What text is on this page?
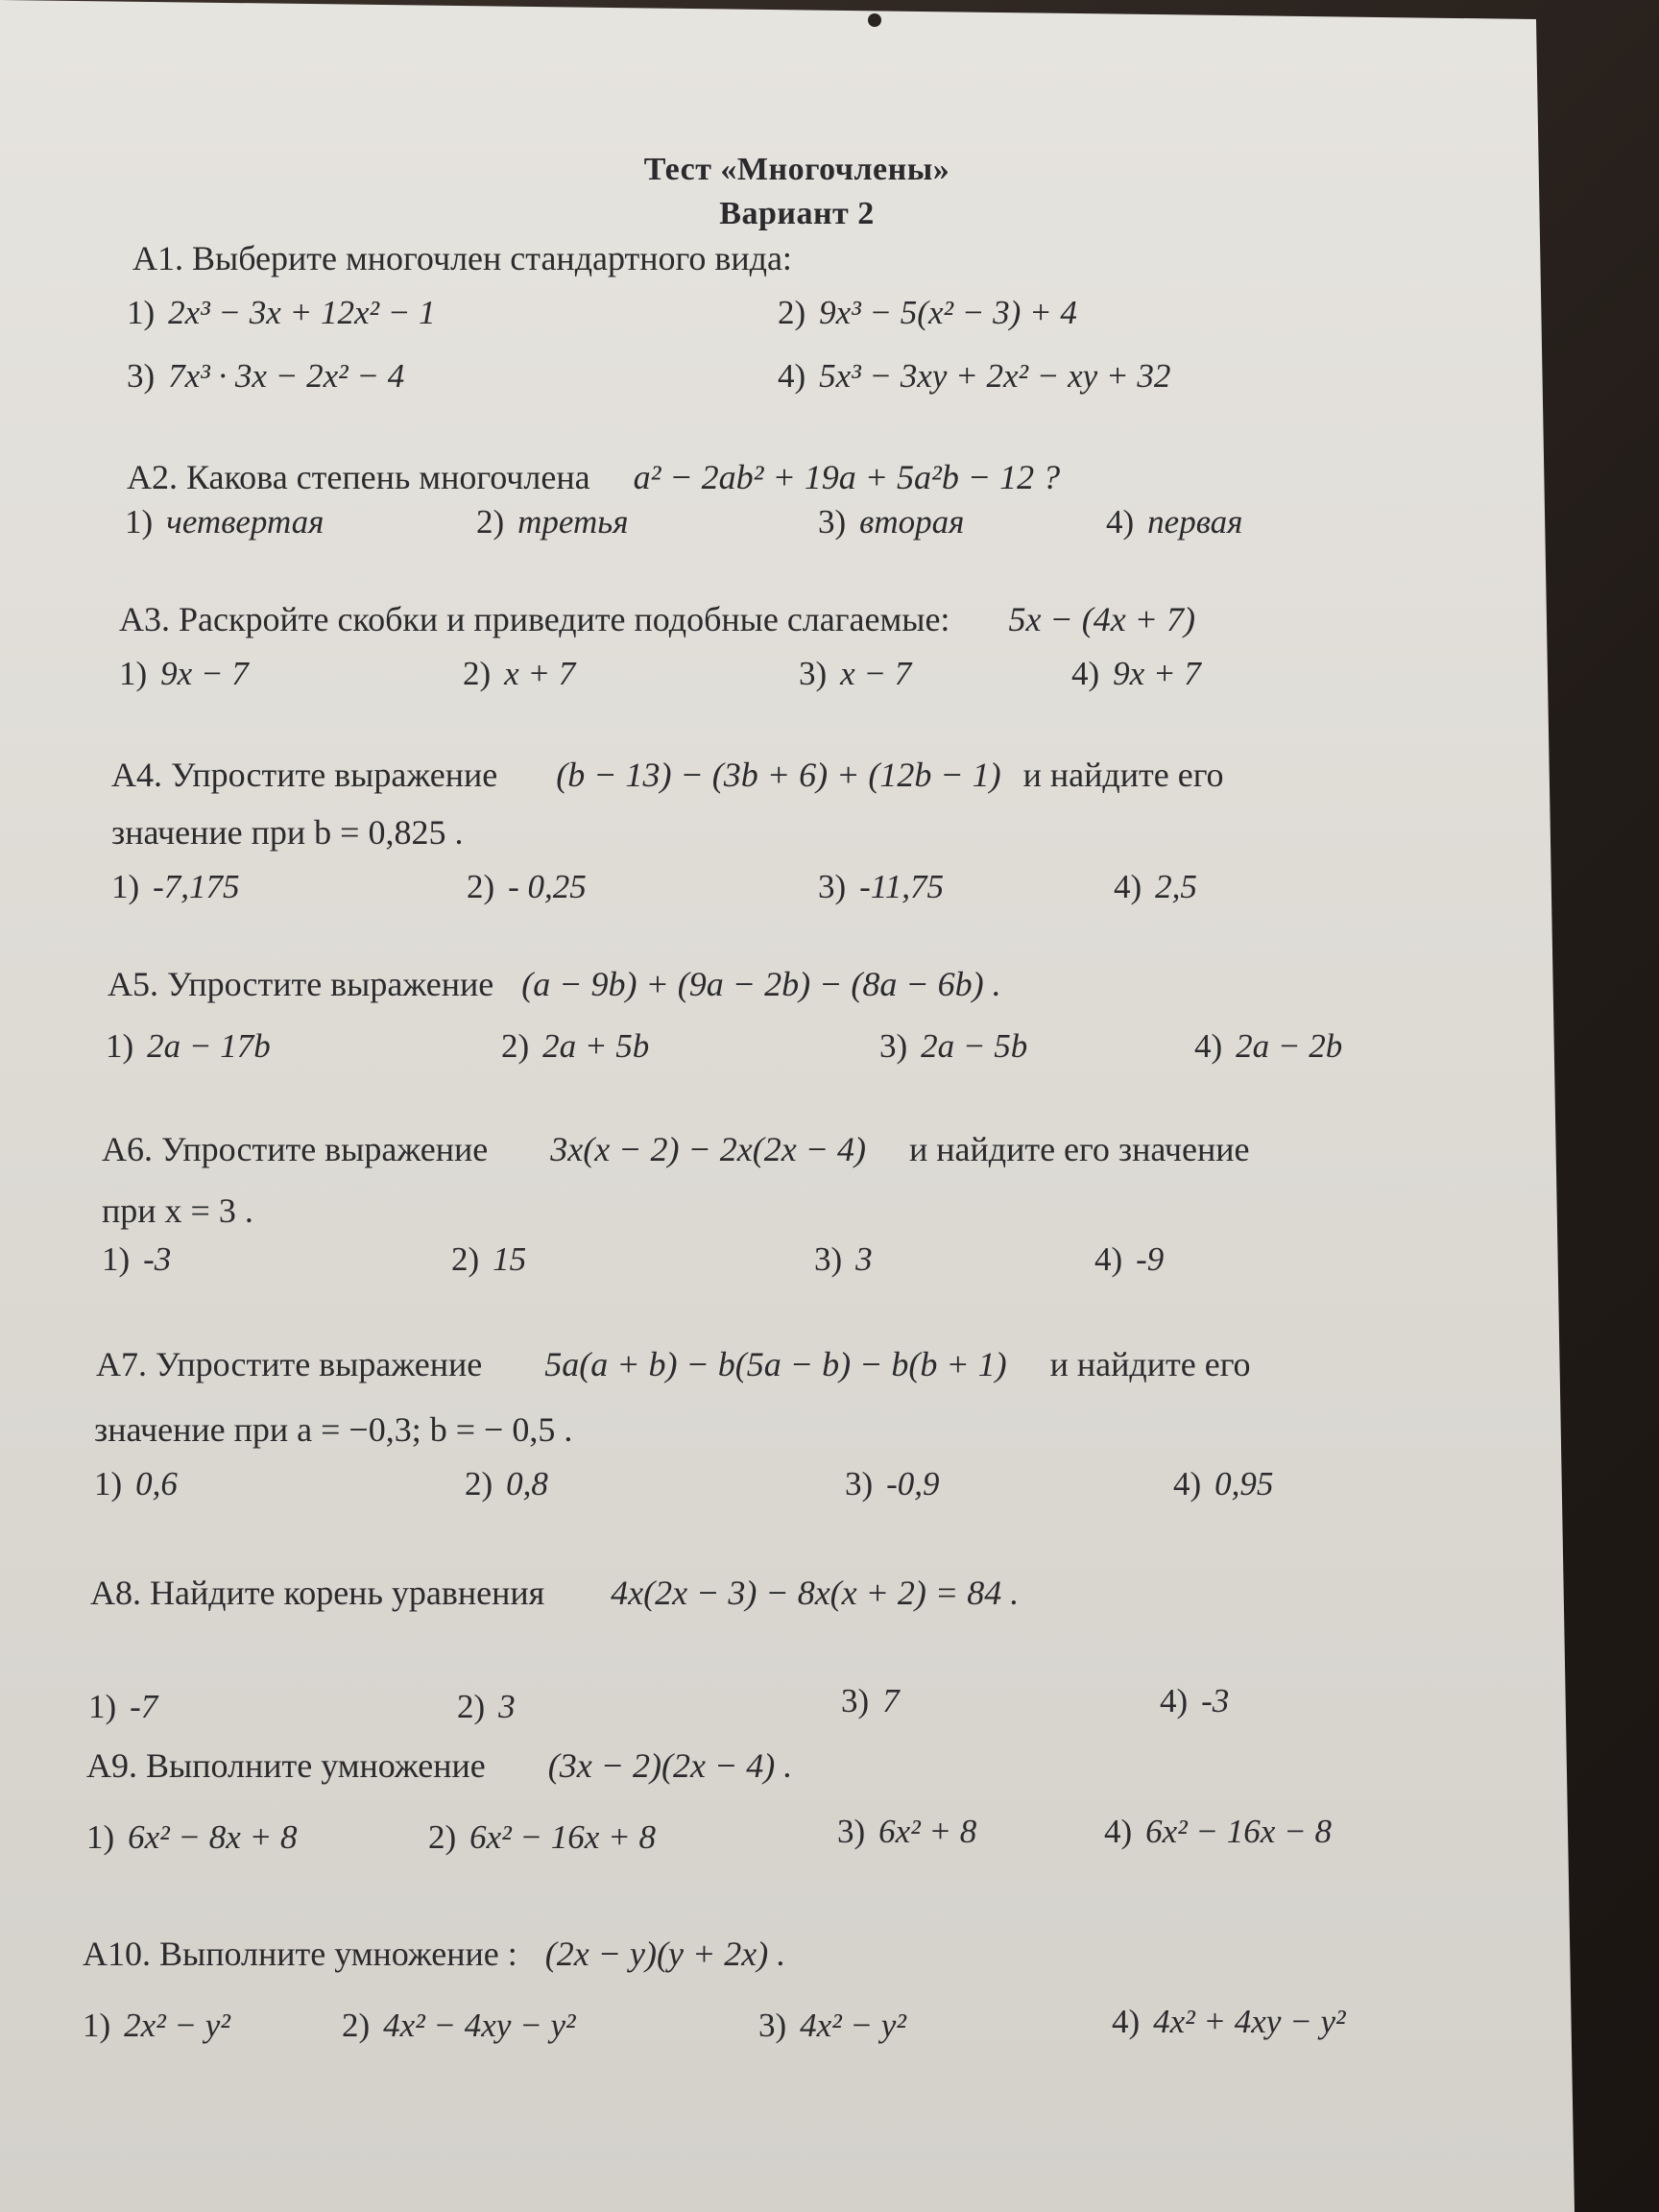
Тест «Многочлены»
Вариант 2
А1. Выберите многочлен стандартного вида:
1) 2x³ − 3x + 12x² − 1	2) 9x³ − 5(x² − 3) + 4
3) 7x³ · 3x − 2x² − 4	4) 5x³ − 3xy + 2x² − xy + 32
А2. Какова степень многочлена a² − 2ab² + 19a + 5a²b − 12 ?
1) четвертая	2) третья	3) вторая	4) первая
А3. Раскройте скобки и приведите подобные слагаемые: 5x − (4x + 7)
1) 9x − 7	2) x + 7	3) x − 7	4) 9x + 7
А4. Упростите выражение (b − 13) − (3b + 6) + (12b − 1) и найдите его
значение при b = 0,825 .
1) -7,175	2) - 0,25	3) -11,75	4) 2,5
А5. Упростите выражение (a − 9b) + (9a − 2b) − (8a − 6b) .
1) 2a − 17b	2) 2a + 5b	3) 2a − 5b	4) 2a − 2b
А6. Упростите выражение 3x(x − 2) − 2x(2x − 4) и найдите его значение
при x = 3 .
1) -3	2) 15	3) 3	4) -9
А7. Упростите выражение 5a(a + b) − b(5a − b) − b(b + 1) и найдите его
значение при a = −0,3; b = − 0,5 .
1) 0,6	2) 0,8	3) -0,9	4) 0,95
А8. Найдите корень уравнения 4x(2x − 3) − 8x(x + 2) = 84 .
1) -7	2) 3	3) 7	4) -3
А9. Выполните умножение (3x − 2)(2x − 4) .
1) 6x² − 8x + 8	2) 6x² − 16x + 8	3) 6x² + 8	4) 6x² − 16x − 8
А10. Выполните умножение : (2x − y)(y + 2x) .
1) 2x² − y²	2) 4x² − 4xy − y²	3) 4x² − y²	4) 4x² + 4xy − y²
